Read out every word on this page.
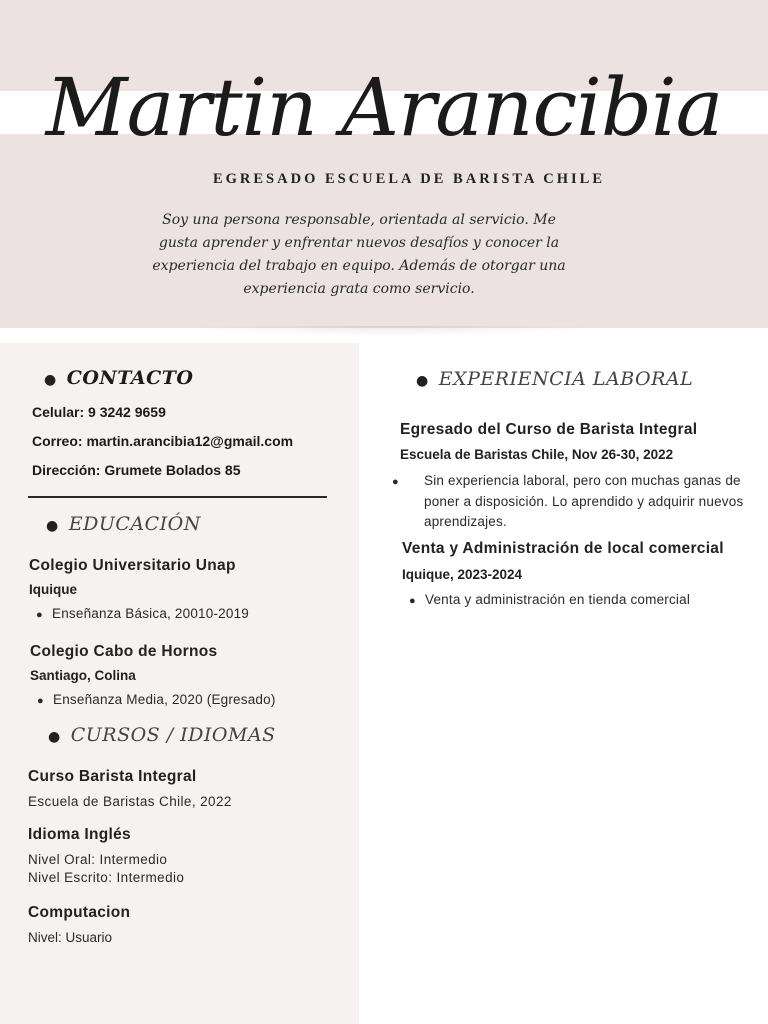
Martin Arancibia
EGRESADO ESCUELA DE BARISTA CHILE
Soy una persona responsable, orientada al servicio. Me gusta aprender y enfrentar nuevos desafíos y conocer la experiencia del trabajo en equipo. Además de otorgar una experiencia grata como servicio.
● CONTACTO
Celular: 9 3242 9659
Correo: martin.arancibia12@gmail.com
Dirección: Grumete Bolados 85
● EDUCACIÓN
Colegio Universitario Unap
Iquique
● Enseñanza Básica, 20010-2019
Colegio Cabo de Hornos
Santiago, Colina
● Enseñanza Media, 2020 (Egresado)
● CURSOS / IDIOMAS
Curso Barista Integral
Escuela de Baristas Chile, 2022
Idioma Inglés
Nivel Oral: Intermedio
Nivel Escrito: Intermedio
Computacion
Nivel: Usuario
● EXPERIENCIA LABORAL
Egresado del Curso de Barista Integral
Escuela de Baristas Chile, Nov 26-30, 2022
● Sin experiencia laboral, pero con muchas ganas de poner a disposición. Lo aprendido y adquirir nuevos aprendizajes.
Venta y Administración de local comercial
Iquique, 2023-2024
● Venta y administración en tienda comercial
